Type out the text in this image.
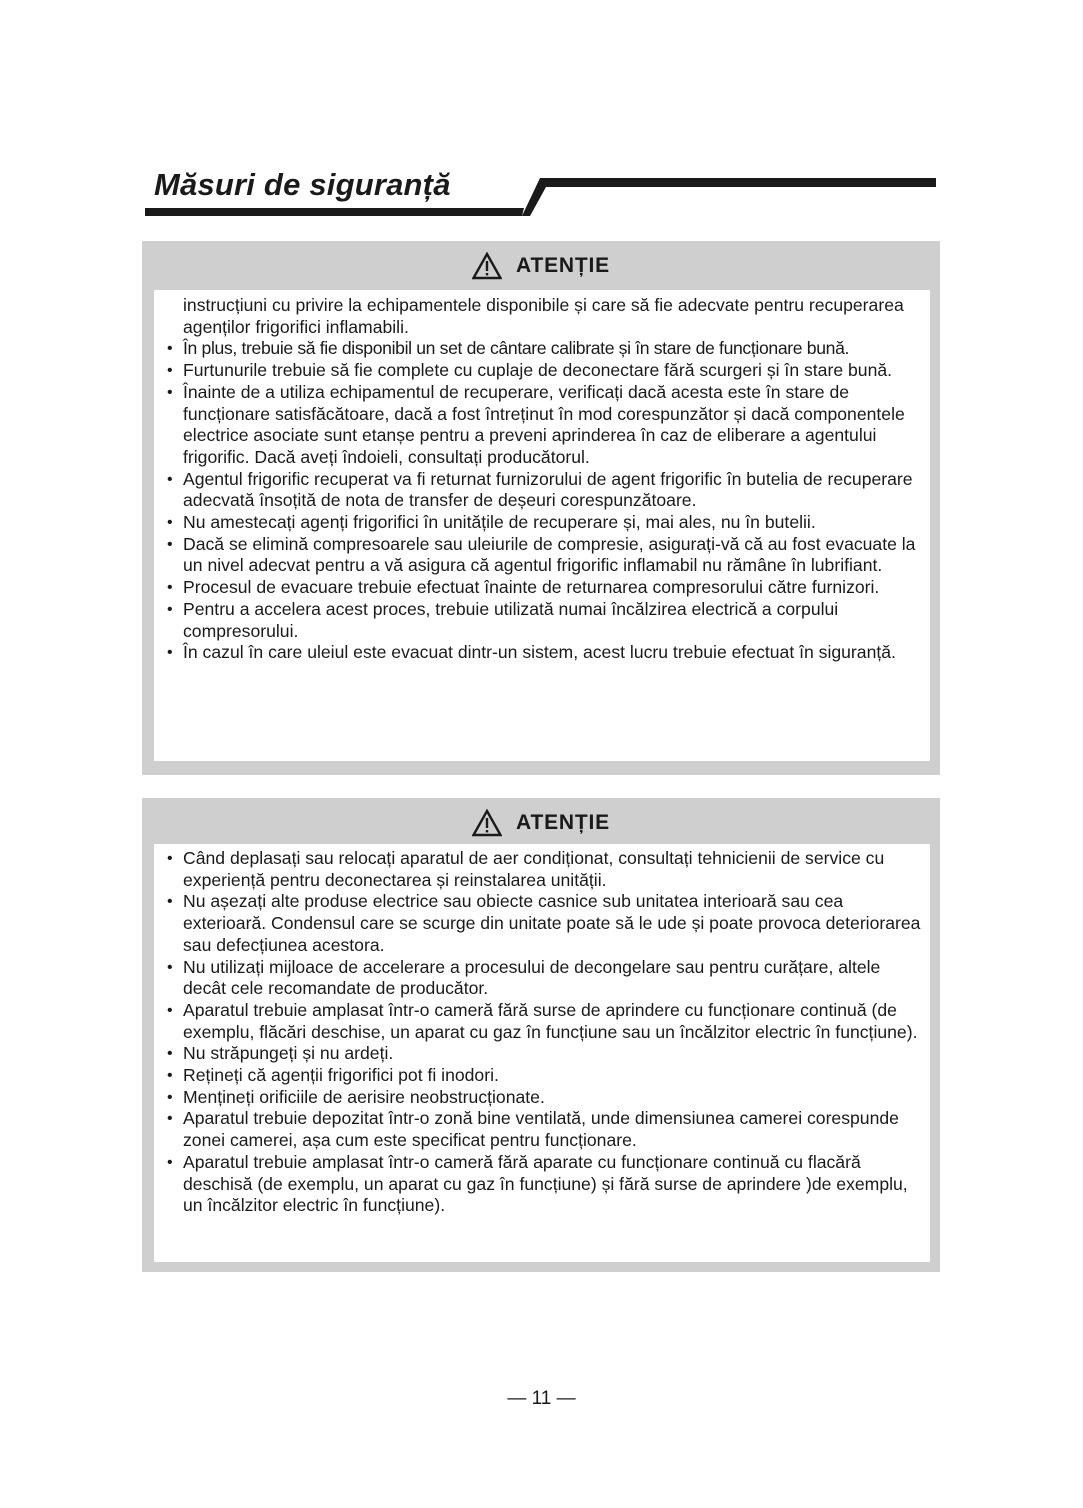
Măsuri de siguranță
ATENȚIE

instrucțiuni cu privire la echipamentele disponibile și care să fie adecvate pentru recuperarea agenților frigorifici inflamabili.

• În plus, trebuie să fie disponibil un set de cântare calibrate și în stare de funcționare bună.

• Furtunurile trebuie să fie complete cu cuplaje de deconectare fără scurgeri și în stare bună.

• Înainte de a utiliza echipamentul de recuperare, verificați dacă acesta este în stare de funcționare satisfăcătoare, dacă a fost întreținut în mod corespunzător și dacă componentele electrice asociate sunt etanșe pentru a preveni aprinderea în caz de eliberare a agentului frigorific. Dacă aveți îndoieli, consultați producătorul.

• Agentul frigorific recuperat va fi returnat furnizorului de agent frigorific în butelia de recuperare adecvată însoțită de nota de transfer de deșeuri corespunzătoare.

• Nu amestecați agenți frigorifici în unitățile de recuperare și, mai ales, nu în butelii.

• Dacă se elimină compresoarele sau uleiurile de compresie, asigurați-vă că au fost evacuate la un nivel adecvat pentru a vă asigura că agentul frigorific inflamabil nu rămâne în lubrifiant.

• Procesul de evacuare trebuie efectuat înainte de returnarea compresorului către furnizori.

• Pentru a accelera acest proces, trebuie utilizată numai încălzirea electrică a corpului compresorului.

• În cazul în care uleiul este evacuat dintr-un sistem, acest lucru trebuie efectuat în siguranță.

ATENȚIE

• Când deplasați sau relocați aparatul de aer condiționat, consultați tehnicienii de service cu experiență pentru deconectarea și reinstalarea unității.

• Nu așezați alte produse electrice sau obiecte casnice sub unitatea interioară sau cea exterioară. Condensul care se scurge din unitate poate să le ude și poate provoca deteriorarea sau defecțiunea acestora.

• Nu utilizați mijloace de accelerare a procesului de decongelare sau pentru curățare, altele decât cele recomandate de producător.

• Aparatul trebuie amplasat într-o cameră fără surse de aprindere cu funcționare continuă (de exemplu, flăcări deschise, un aparat cu gaz în funcțiune sau un încălzitor electric în funcțiune).

• Nu străpungeți și nu ardeți.

• Rețineți că agenții frigorifici pot fi inodori.

• Mențineți orificiile de aerisire neobstrucționate.

• Aparatul trebuie depozitat într-o zonă bine ventilată, unde dimensiunea camerei corespunde zonei camerei, așa cum este specificat pentru funcționare.

• Aparatul trebuie amplasat într-o cameră fără aparate cu funcționare continuă cu flacără deschisă (de exemplu, un aparat cu gaz în funcțiune) și fără surse de aprindere )de exemplu, un încălzitor electric în funcțiune).

— 11 —
